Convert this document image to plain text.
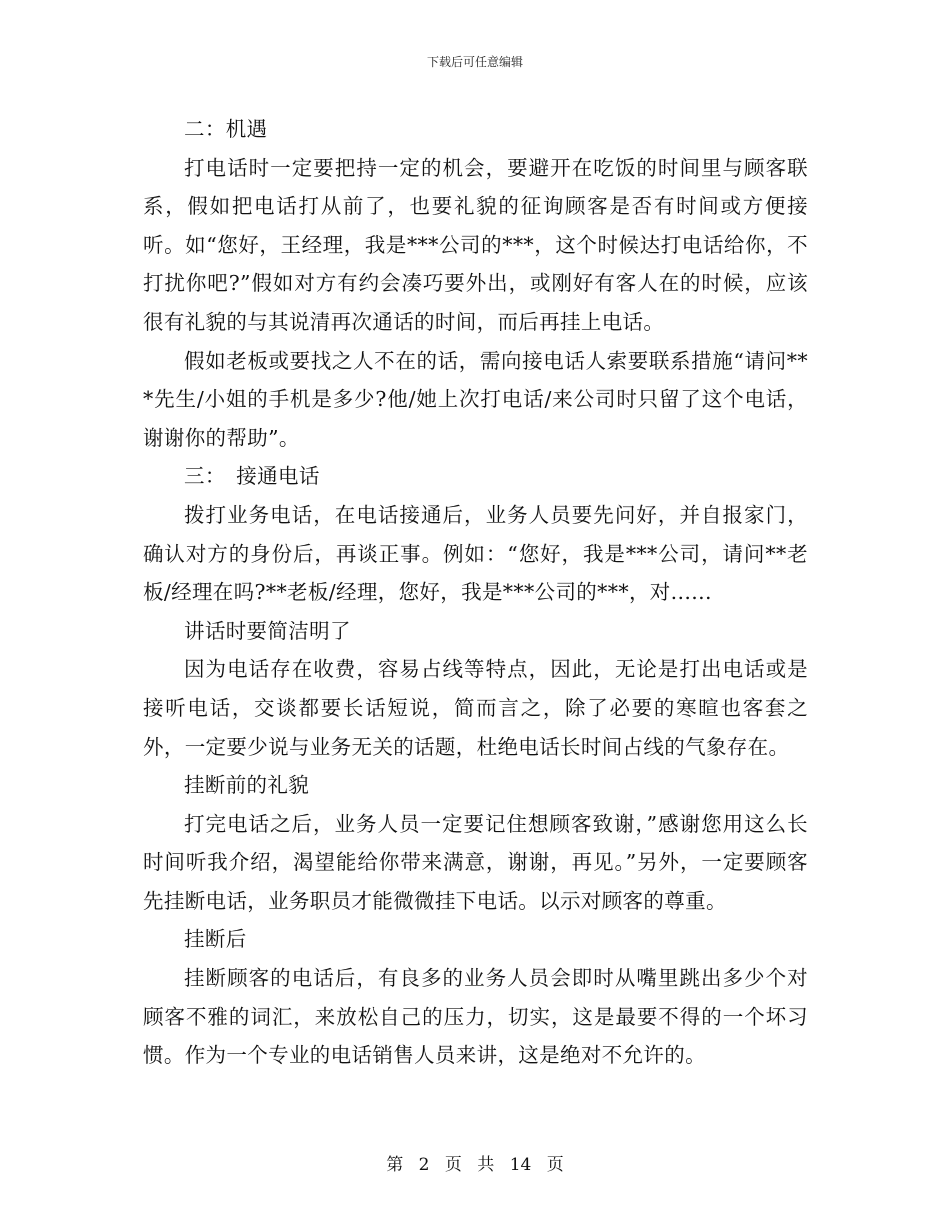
下载后可任意编辑

二：机遇

打电话时一定要把持一定的机会，要避开在吃饭的时间里与顾客联系，假如把电话打从前了，也要礼貌的征询顾客是否有时间或方便接听。如“您好，王经理，我是***公司的***，这个时候达打电话给你，不打扰你吧?”假如对方有约会凑巧要外出，或刚好有客人在的时候，应该很有礼貌的与其说清再次通话的时间，而后再挂上电话。

假如老板或要找之人不在的话，需向接电话人索要联系措施“请问***先生/小姐的手机是多少?他/她上次打电话/来公司时只留了这个电话，谢谢你的帮助”。

三：　接通电话

拨打业务电话，在电话接通后，业务人员要先问好，并自报家门，确认对方的身份后，再谈正事。例如：“您好，我是***公司，请问**老板/经理在吗?**老板/经理，您好，我是***公司的***，对......

讲话时要简洁明了

因为电话存在收费，容易占线等特点，因此，无论是打出电话或是接听电话，交谈都要长话短说，简而言之，除了必要的寒暄也客套之外，一定要少说与业务无关的话题，杜绝电话长时间占线的气象存在。

挂断前的礼貌

打完电话之后，业务人员一定要记住想顾客致谢，”感谢您用这么长时间听我介绍，渴望能给你带来满意，谢谢，再见。”另外，一定要顾客先挂断电话，业务职员才能微微挂下电话。以示对顾客的尊重。

挂断后

挂断顾客的电话后，有良多的业务人员会即时从嘴里跳出多少个对顾客不雅的词汇，来放松自己的压力，切实，这是最要不得的一个坏习惯。作为一个专业的电话销售人员来讲，这是绝对不允许的。

第 2 页 共 14 页
